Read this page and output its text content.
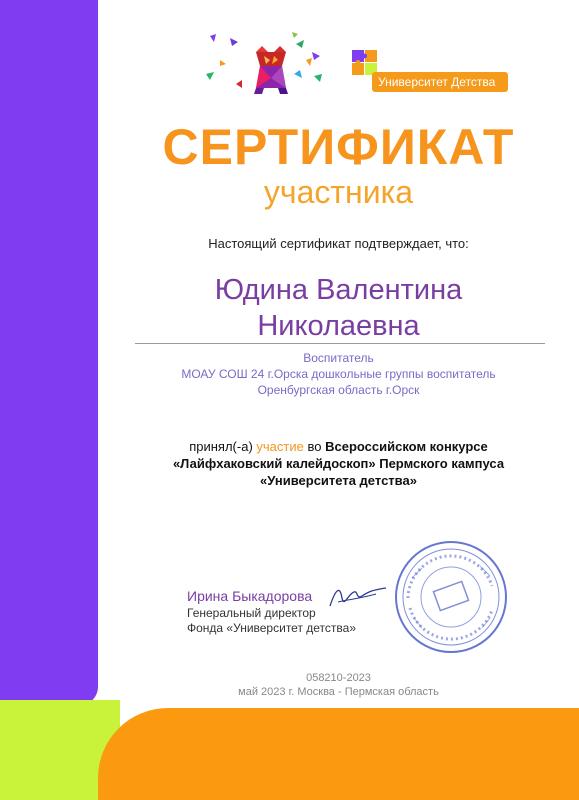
Университет Детства
СЕРТИФИКАТ
участника
Настоящий сертификат подтверждает, что:
Юдина Валентина
Николаевна
Воспитатель
МОАУ СОШ 24 г.Орска дошкольные группы воспитатель
Оренбургская область г.Орск
принял(-а) участие во Всероссийском конкурсе
«Лайфхаковский калейдоскоп» Пермского кампуса
«Университета детства»
Ирина Быкадорова
Генеральный директор
Фонда «Университет детства»
058210-2023
май 2023 г. Москва - Пермская область
